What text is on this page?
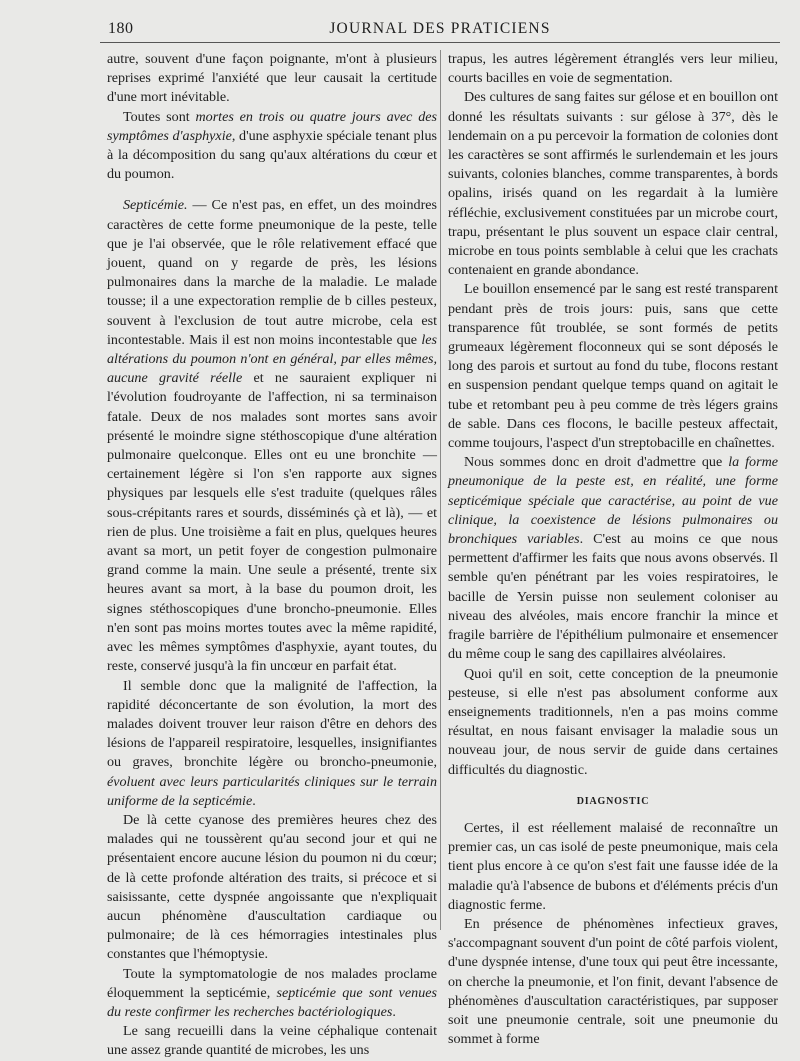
180	JOURNAL DES PRATICIENS

autre, souvent d'une façon poignante, m'ont à plusieurs reprises exprimé l'anxiété que leur causait la certitude d'une mort inévitable.

Toutes sont mortes en trois ou quatre jours avec des symptômes d'asphyxie, d'une asphyxie spéciale tenant plus à la décomposition du sang qu'aux altérations du cœur et du poumon.

Septicémie. — Ce n'est pas, en effet, un des moindres caractères de cette forme pneumonique de la peste, telle que je l'ai observée, que le rôle relativement effacé que jouent, quand on y regarde de près, les lésions pulmonaires dans la marche de la maladie. Le malade tousse; il a une expectoration remplie de b cilles pesteux, souvent à l'exclusion de tout autre microbe, cela est incontestable. Mais il est non moins incontestable que les altérations du poumon n'ont en général, par elles mêmes, aucune gravité réelle et ne sauraient expliquer ni l'évolution foudroyante de l'affection, ni sa terminaison fatale. Deux de nos malades sont mortes sans avoir présenté le moindre signe stéthoscopique d'une altération pulmonaire quelconque. Elles ont eu une bronchite — certainement légère si l'on s'en rapporte aux signes physiques par lesquels elle s'est traduite (quelques râles sous-crépitants rares et sourds, disséminés çà et là), — et rien de plus. Une troisième a fait en plus, quelques heures avant sa mort, un petit foyer de congestion pulmonaire grand comme la main. Une seule a présenté, trente six heures avant sa mort, à la base du poumon droit, les signes stéthoscopiques d'une broncho-pneumonie. Elles n'en sont pas moins mortes toutes avec la même rapidité, avec les mêmes symptômes d'asphyxie, ayant toutes, du reste, conservé jusqu'à la fin uncœur en parfait état.

Il semble donc que la malignité de l'affection, la rapidité déconcertante de son évolution, la mort des malades doivent trouver leur raison d'être en dehors des lésions de l'appareil respiratoire, lesquelles, insignifiantes ou graves, bronchite légère ou broncho-pneumonie, évoluent avec leurs particularités cliniques sur le terrain uniforme de la septicémie.

De là cette cyanose des premières heures chez des malades qui ne toussèrent qu'au second jour et qui ne présentaient encore aucune lésion du poumon ni du cœur; de là cette profonde altération des traits, si précoce et si saisissante, cette dyspnée angoissante que n'expliquait aucun phénomène d'auscultation cardiaque ou pulmonaire; de là ces hémorragies intestinales plus constantes que l'hémoptysie.

Toute la symptomatologie de nos malades proclame éloquemment la septicémie, septicémie que sont venues du reste confirmer les recherches bactériologiques.

Le sang recueilli dans la veine céphalique contenait une assez grande quantité de microbes, les uns

trapus, les autres légèrement étranglés vers leur milieu, courts bacilles en voie de segmentation.

Des cultures de sang faites sur gélose et en bouillon ont donné les résultats suivants : sur gélose à 37°, dès le lendemain on a pu percevoir la formation de colonies dont les caractères se sont affirmés le surlendemain et les jours suivants, colonies blanches, comme transparentes, à bords opalins, irisés quand on les regardait à la lumière réfléchie, exclusivement constituées par un microbe court, trapu, présentant le plus souvent un espace clair central, microbe en tous points semblable à celui que les crachats contenaient en grande abondance.

Le bouillon ensemencé par le sang est resté transparent pendant près de trois jours: puis, sans que cette transparence fût troublée, se sont formés de petits grumeaux légèrement floconneux qui se sont déposés le long des parois et surtout au fond du tube, flocons restant en suspension pendant quelque temps quand on agitait le tube et retombant peu à peu comme de très légers grains de sable. Dans ces flocons, le bacille pesteux affectait, comme toujours, l'aspect d'un streptobacille en chaînettes.

Nous sommes donc en droit d'admettre que la forme pneumonique de la peste est, en réalité, une forme septicémique spéciale que caractérise, au point de vue clinique, la coexistence de lésions pulmonaires ou bronchiques variables. C'est au moins ce que nous permettent d'affirmer les faits que nous avons observés. Il semble qu'en pénétrant par les voies respiratoires, le bacille de Yersin puisse non seulement coloniser au niveau des alvéoles, mais encore franchir la mince et fragile barrière de l'épithélium pulmonaire et ensemencer du même coup le sang des capillaires alvéolaires.

Quoi qu'il en soit, cette conception de la pneumonie pesteuse, si elle n'est pas absolument conforme aux enseignements traditionnels, n'en a pas moins comme résultat, en nous faisant envisager la maladie sous un nouveau jour, de nous servir de guide dans certaines difficultés du diagnostic.

DIAGNOSTIC

Certes, il est réellement malaisé de reconnaître un premier cas, un cas isolé de peste pneumonique, mais cela tient plus encore à ce qu'on s'est fait une fausse idée de la maladie qu'à l'absence de bubons et d'éléments précis d'un diagnostic ferme.

En présence de phénomènes infectieux graves, s'accompagnant souvent d'un point de côté parfois violent, d'une dyspnée intense, d'une toux qui peut être incessante, on cherche la pneumonie, et l'on finit, devant l'absence de phénomènes d'auscultation caractéristiques, par supposer soit une pneumonie centrale, soit une pneumonie du sommet à forme
